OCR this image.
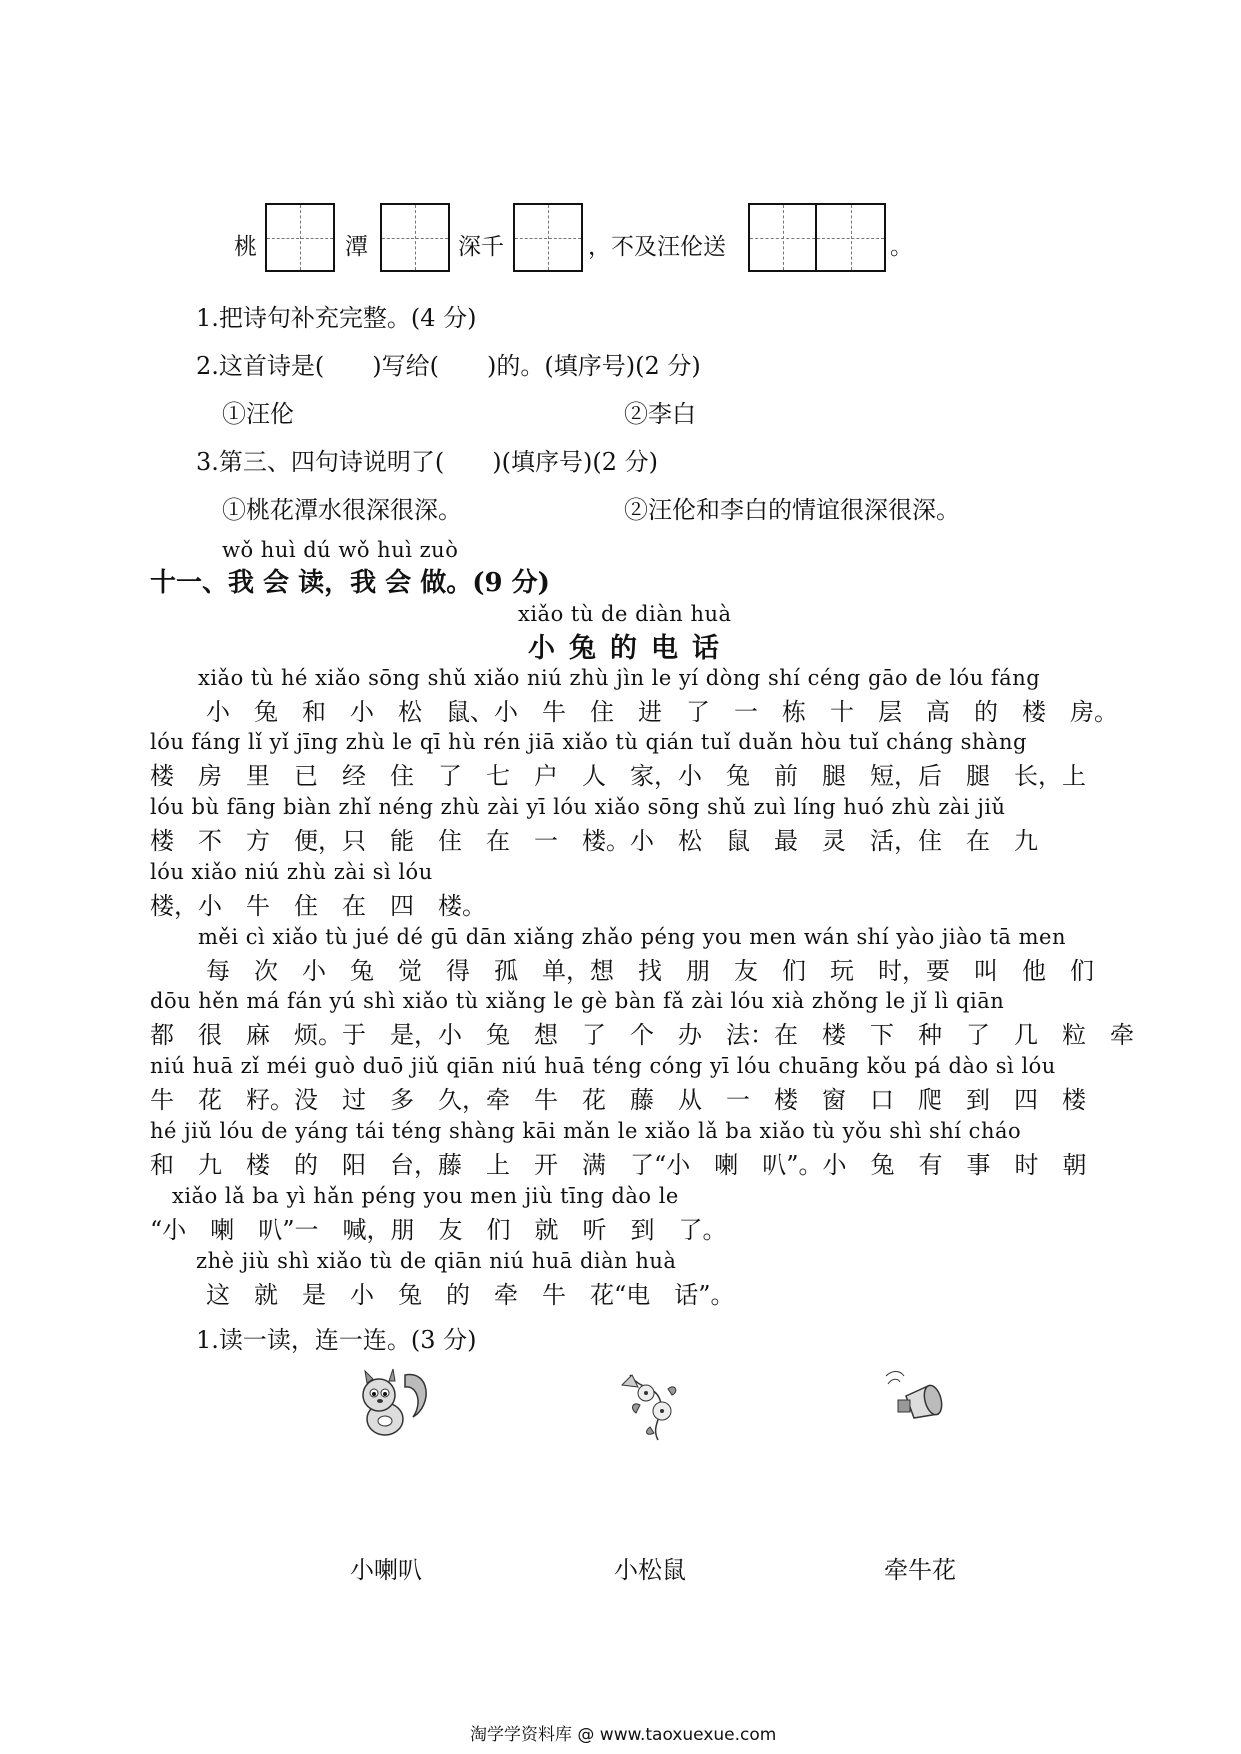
桃	潭	深千	，不及汪伦送	。
1.把诗句补充完整。(4 分)
2.这首诗是(　　)写给(　　)的。(填序号)(2 分)
①汪伦	②李白
3.第三、四句诗说明了(　　)(填序号)(2 分)
①桃花潭水很深很深。	②汪伦和李白的情谊很深很深。
wǒ huì dú wǒ huì zuò
十一、我 会 读，我 会 做。(9 分)
xiǎo tù de diàn huà
小兔的电话
xiǎo tù hé xiǎo sōng shǔ xiǎo niú zhù jìn le yí dòng shí céng gāo de lóu fáng
小　兔　和　小　松　鼠、小　牛　住　进　了　一　栋　十　层　高　的　楼　房。
lóu fáng lǐ yǐ jīng zhù le qī hù rén jiā xiǎo tù qián tuǐ duǎn hòu tuǐ cháng shàng
楼　房　里　已　经　住　了　七　户　人　家，小　兔　前　腿　短，后　腿　长，上
lóu bù fāng biàn zhǐ néng zhù zài yī lóu xiǎo sōng shǔ zuì líng huó zhù zài jiǔ
楼　不　方　便，只　能　住　在　一　楼。小　松　鼠　最　灵　活，住　在　九
lóu xiǎo niú zhù zài sì lóu
楼，小　牛　住　在　四　楼。
měi cì xiǎo tù jué dé gū dān xiǎng zhǎo péng you men wán shí yào jiào tā men
每　次　小　兔　觉　得　孤　单，想　找　朋　友　们　玩　时，要　叫　他　们
dōu hěn má fán yú shì xiǎo tù xiǎng le gè bàn fǎ zài lóu xià zhǒng le jǐ lì qiān
都　很　麻　烦。于　是，小　兔　想　了　个　办　法：在　楼　下　种　了　几　粒　牵
niú huā zǐ méi guò duō jiǔ qiān niú huā téng cóng yī lóu chuāng kǒu pá dào sì lóu
牛　花　籽。没　过　多　久，牵　牛　花　藤　从　一　楼　窗　口　爬　到　四　楼
hé jiǔ lóu de yáng tái téng shàng kāi mǎn le xiǎo lǎ ba xiǎo tù yǒu shì shí cháo
和　九　楼　的　阳　台，藤　上　开　满　了“小　喇　叭”。小　兔　有　事　时　朝
xiǎo lǎ ba yì hǎn péng you men jiù tīng dào le
“小　喇　叭”一　喊，朋　友　们　就　听　到　了。
zhè jiù shì xiǎo tù de qiān niú huā diàn huà
这　就　是　小　兔　的　牵　牛　花“电　话”。
1.读一读，连一连。(3 分)
小喇叭	小松鼠	牵牛花
淘学学资料库 @ www.taoxuexue.com
